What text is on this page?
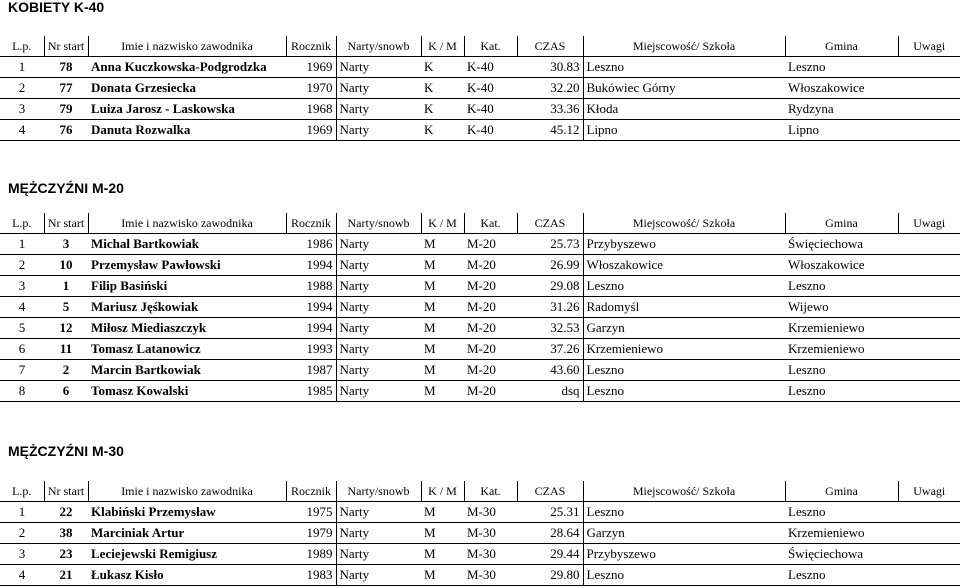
KOBIETY K-40
L.p.	Nr start	Imie i nazwisko zawodnika	Rocznik	Narty/snowb	K / M	Kat.	CZAS	Miejscowość/ Szkoła	Gmina	Uwagi
1	78	Anna Kuczkowska-Podgrodzka	1969	Narty	K	K-40	30.83	Leszno	Leszno	
2	77	Donata Grzesiecka	1970	Narty	K	K-40	32.20	Bukówiec Górny	Włoszakowice	
3	79	Luiza Jarosz - Laskowska	1968	Narty	K	K-40	33.36	Kłoda	Rydzyna	
4	76	Danuta Rozwalka	1969	Narty	K	K-40	45.12	Lipno	Lipno	
MĘŻCZYŹNI M-20
L.p.	Nr start	Imie i nazwisko zawodnika	Rocznik	Narty/snowb	K / M	Kat.	CZAS	Miejscowość/ Szkoła	Gmina	Uwagi
1	3	Michal Bartkowiak	1986	Narty	M	M-20	25.73	Przybyszewo	Święciechowa	
2	10	Przemysław Pawłowski	1994	Narty	M	M-20	26.99	Włoszakowice	Włoszakowice	
3	1	Filip Basiński	1988	Narty	M	M-20	29.08	Leszno	Leszno	
4	5	Mariusz Jęśkowiak	1994	Narty	M	M-20	31.26	Radomyśl	Wijewo	
5	12	Miłosz Miediaszczyk	1994	Narty	M	M-20	32.53	Garzyn	Krzemieniewo	
6	11	Tomasz Latanowicz	1993	Narty	M	M-20	37.26	Krzemieniewo	Krzemieniewo	
7	2	Marcin Bartkowiak	1987	Narty	M	M-20	43.60	Leszno	Leszno	
8	6	Tomasz Kowalski	1985	Narty	M	M-20	dsq	Leszno	Leszno	
MĘŻCZYŹNI M-30
L.p.	Nr start	Imie i nazwisko zawodnika	Rocznik	Narty/snowb	K / M	Kat.	CZAS	Miejscowość/ Szkoła	Gmina	Uwagi
1	22	Klabiński Przemysław	1975	Narty	M	M-30	25.31	Leszno	Leszno	
2	38	Marciniak Artur	1979	Narty	M	M-30	28.64	Garzyn	Krzemieniewo	
3	23	Leciejewski Remigiusz	1989	Narty	M	M-30	29.44	Przybyszewo	Święciechowa	
4	21	Łukasz Kisło	1983	Narty	M	M-30	29.80	Leszno	Leszno	
